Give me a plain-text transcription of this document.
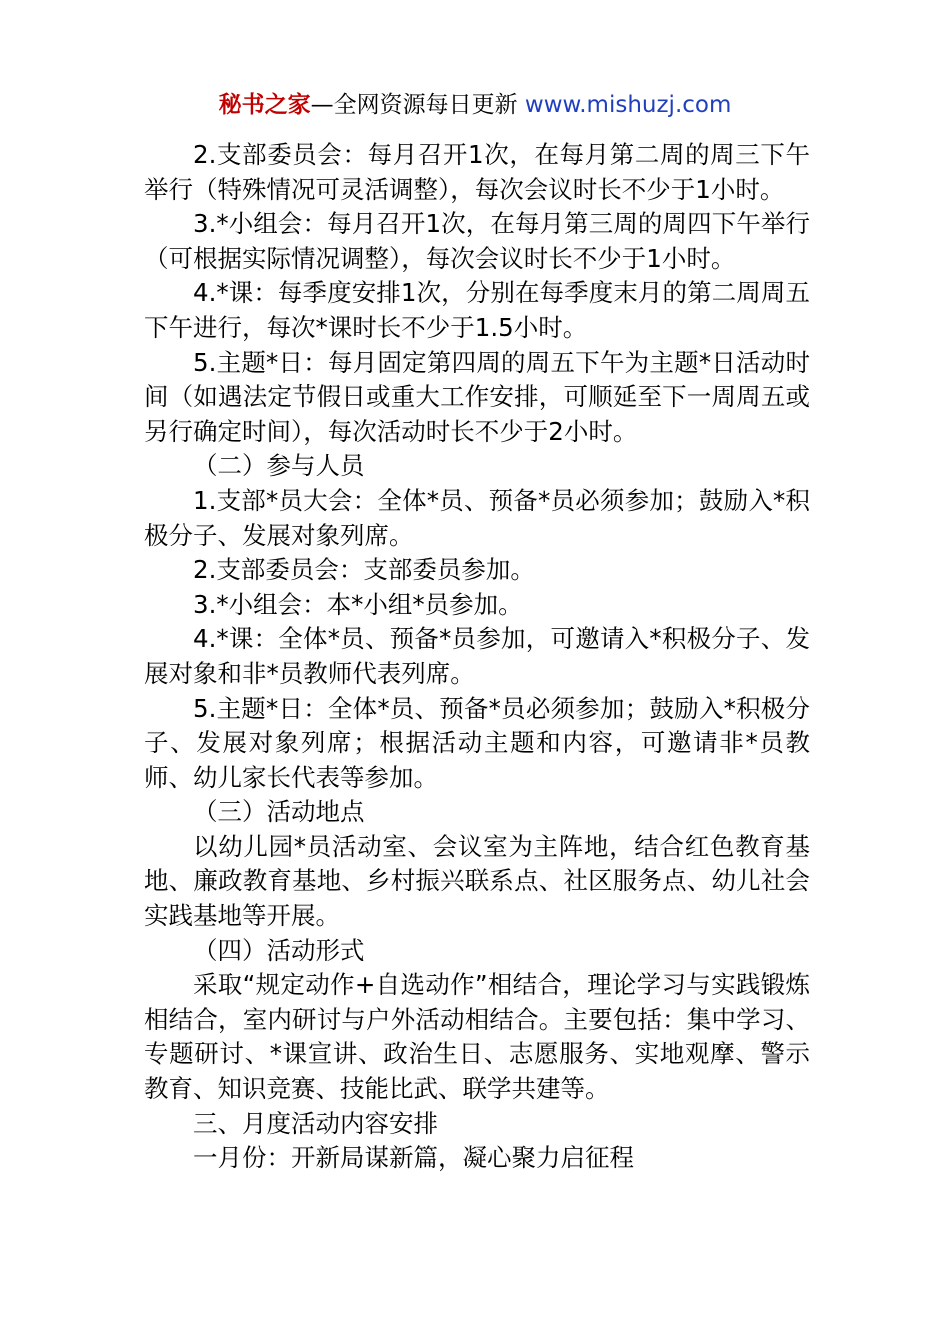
秘书之家—全网资源每日更新 www.mishuzj.com

2.支部委员会：每月召开1次，在每月第二周的周三下午举行（特殊情况可灵活调整），每次会议时长不少于1小时。

3.*小组会：每月召开1次，在每月第三周的周四下午举行（可根据实际情况调整），每次会议时长不少于1小时。

4.*课：每季度安排1次，分别在每季度末月的第二周周五下午进行，每次*课时长不少于1.5小时。

5.主题*日：每月固定第四周的周五下午为主题*日活动时间（如遇法定节假日或重大工作安排，可顺延至下一周周五或另行确定时间），每次活动时长不少于2小时。

（二）参与人员

1.支部*员大会：全体*员、预备*员必须参加；鼓励入*积极分子、发展对象列席。

2.支部委员会：支部委员参加。

3.*小组会：本*小组*员参加。

4.*课：全体*员、预备*员参加，可邀请入*积极分子、发展对象和非*员教师代表列席。

5.主题*日：全体*员、预备*员必须参加；鼓励入*积极分子、发展对象列席；根据活动主题和内容，可邀请非*员教师、幼儿家长代表等参加。

（三）活动地点

以幼儿园*员活动室、会议室为主阵地，结合红色教育基地、廉政教育基地、乡村振兴联系点、社区服务点、幼儿社会实践基地等开展。

（四）活动形式

采取“规定动作+自选动作”相结合，理论学习与实践锻炼相结合，室内研讨与户外活动相结合。主要包括：集中学习、专题研讨、*课宣讲、政治生日、志愿服务、实地观摩、警示教育、知识竞赛、技能比武、联学共建等。

三、月度活动内容安排

一月份：开新局谋新篇，凝心聚力启征程
